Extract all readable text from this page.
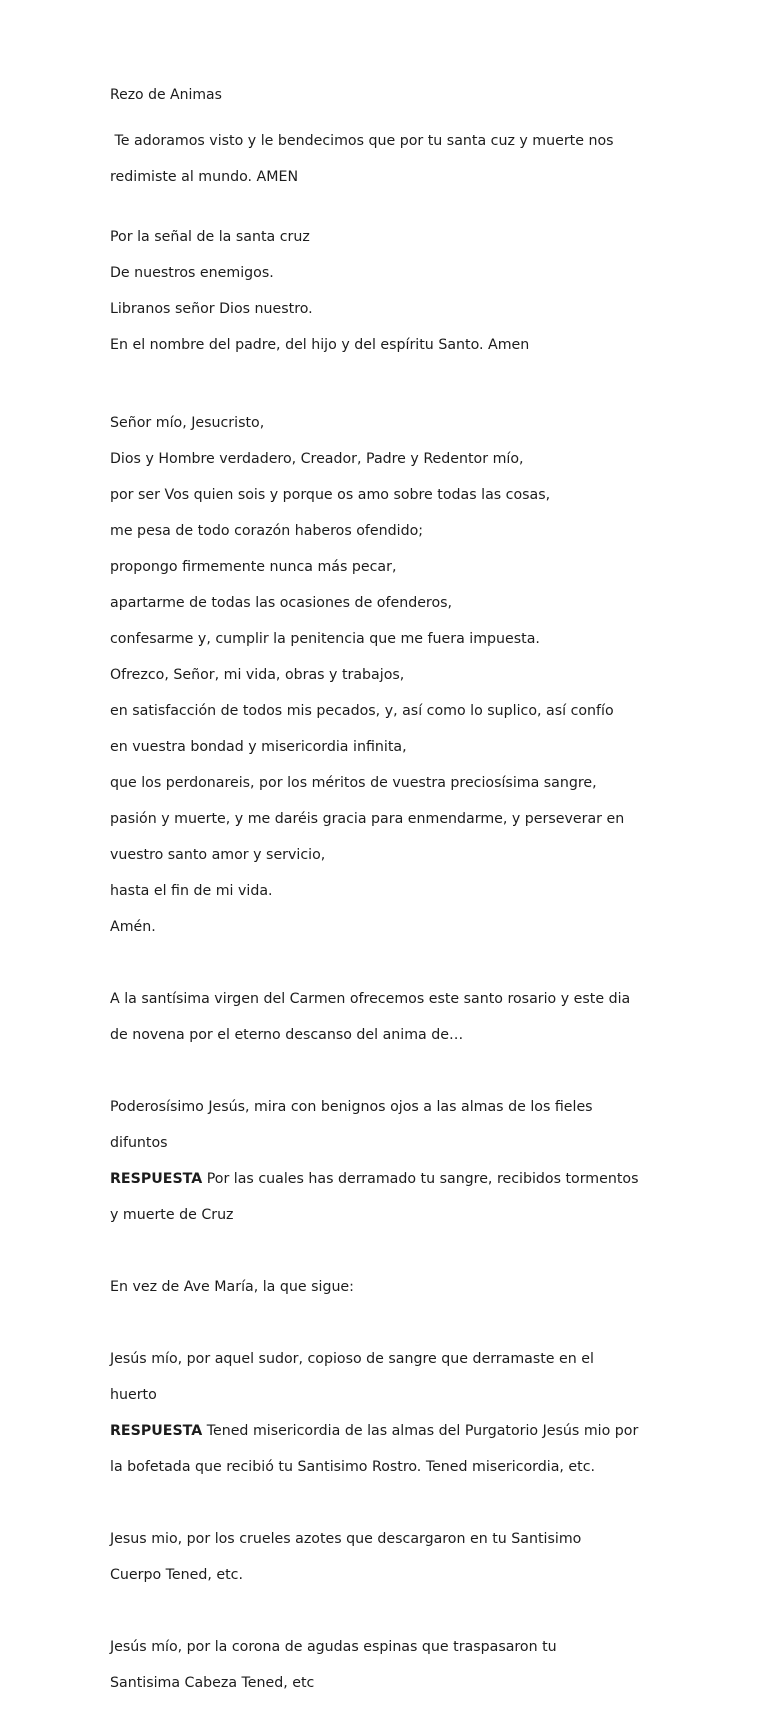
Rezo de Animas

Te adoramos visto y le bendecimos que por tu santa cuz y muerte nos

redimiste al mundo. AMEN

Por la señal de la santa cruz

De nuestros enemigos.

Libranos señor Dios nuestro.

En el nombre del padre, del hijo y del espíritu Santo. Amen

Señor mío, Jesucristo,

Dios y Hombre verdadero, Creador, Padre y Redentor mío,

por ser Vos quien sois y porque os amo sobre todas las cosas,

me pesa de todo corazón haberos ofendido;

propongo firmemente nunca más pecar,

apartarme de todas las ocasiones de ofenderos,

confesarme y, cumplir la penitencia que me fuera impuesta.

Ofrezco, Señor, mi vida, obras y trabajos,

en satisfacción de todos mis pecados, y, así como lo suplico, así confío

en vuestra bondad y misericordia infinita,

que los perdonareis, por los méritos de vuestra preciosísima sangre,

pasión y muerte, y me daréis gracia para enmendarme, y perseverar en

vuestro santo amor y servicio,

hasta el fin de mi vida.

Amén.

A la santísima virgen del Carmen ofrecemos este santo rosario y este dia

de novena por el eterno descanso del anima de…

Poderosísimo Jesús, mira con benignos ojos a las almas de los fieles

difuntos

RESPUESTA Por las cuales has derramado tu sangre, recibidos tormentos

y muerte de Cruz

En vez de Ave María, la que sigue:

Jesús mío, por aquel sudor, copioso de sangre que derramaste en el

huerto

RESPUESTA Tened misericordia de las almas del Purgatorio Jesús mio por

la bofetada que recibió tu Santisimo Rostro. Tened misericordia, etc.

Jesus mio, por los crueles azotes que descargaron en tu Santisimo

Cuerpo Tened, etc.

Jesús mío, por la corona de agudas espinas que traspasaron tu

Santisima Cabeza Tened, etc
